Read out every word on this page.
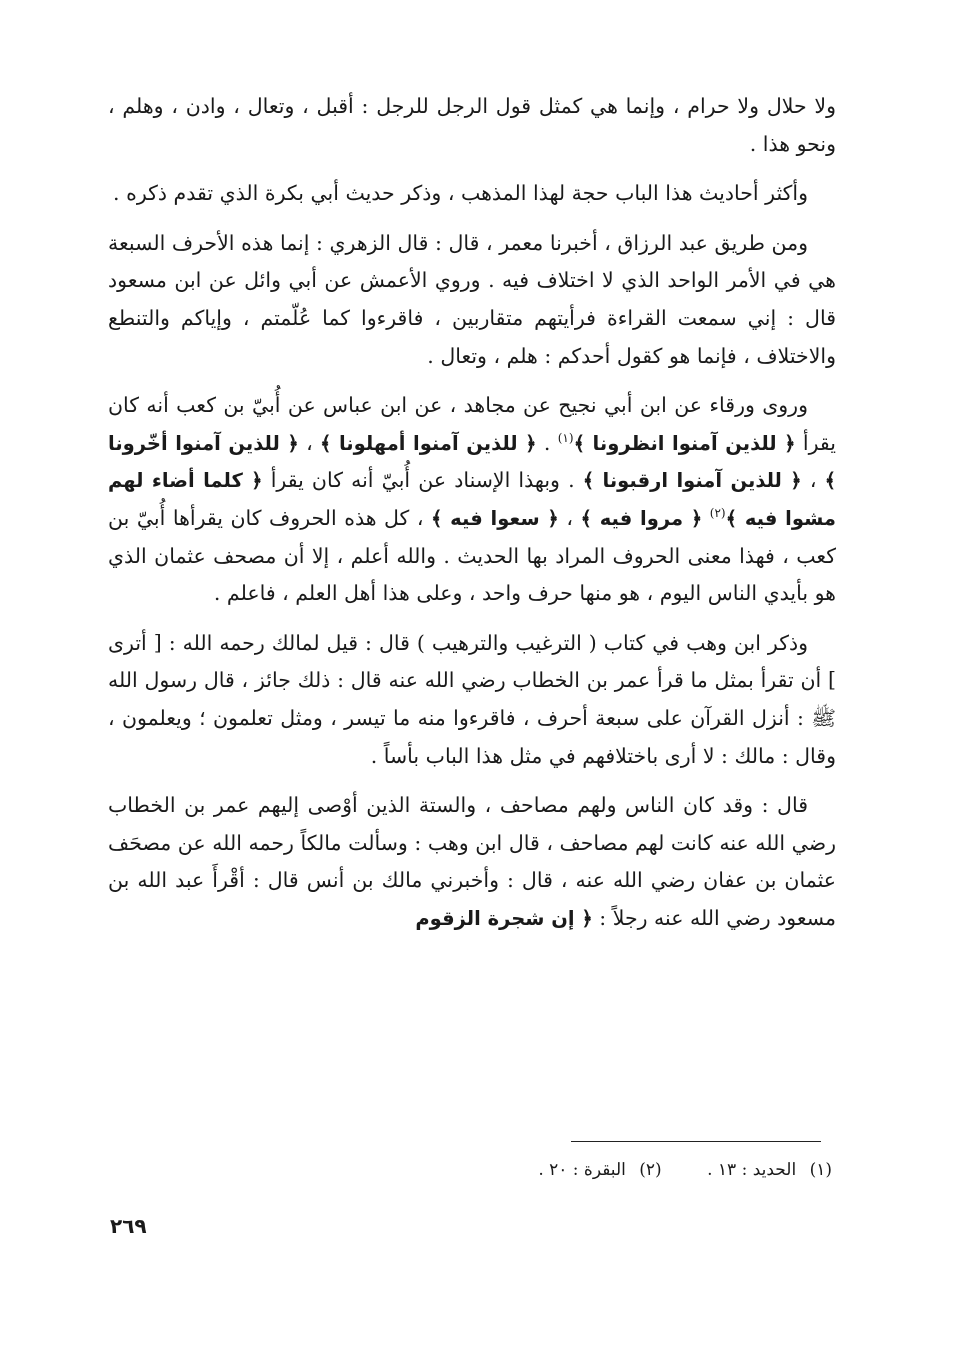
ولا حلال ولا حرام ، وإنما هي كمثل قول الرجل للرجل : أقبل ، وتعال ، وادن ، وهلم ، ونحو هذا .

وأكثر أحاديث هذا الباب حجة لهذا المذهب ، وذكر حديث أبي بكرة الذي تقدم ذكره .

ومن طريق عبد الرزاق ، أخبرنا معمر ، قال : قال الزهري : إنما هذه الأحرف السبعة هي في الأمر الواحد الذي لا اختلاف فيه . وروي الأعمش عن أبي وائل عن ابن مسعود قال : إني سمعت القراءة فرأيتهم متقاربين ، فاقرءوا كما عُلّمتم ، وإياكم والتنطع والاختلاف ، فإنما هو كقول أحدكم : هلم ، وتعال .

وروى ورقاء عن ابن أبي نجيح عن مجاهد ، عن ابن عباس عن أُبيّ بن كعب أنه كان يقرأ ﴿ للذين آمنوا انظرونا ﴾$^{(١)}$ . ﴿ للذين آمنوا أمهلونا ﴾ ، ﴿ للذين آمنوا أخّرونا ﴾ ، ﴿ للذين آمنوا ارقبونا ﴾ . وبهذا الإسناد عن أُبيّ أنه كان يقرأ ﴿ كلما أضاء لهم مشوا فيه ﴾$^{(٢)}$ ﴿ مروا فيه ﴾ ، ﴿ سعوا فيه ﴾ ، كل هذه الحروف كان يقرأها أُبيّ بن كعب ، فهذا معنى الحروف المراد بها الحديث . والله أعلم ، إلا أن مصحف عثمان الذي هو بأيدي الناس اليوم ، هو منها حرف واحد ، وعلى هذا أهل العلم ، فاعلم .

وذكر ابن وهب في كتاب ( الترغيب والترهيب ) قال : قيل لمالك رحمه الله : [ أترى ] أن تقرأ بمثل ما قرأ عمر بن الخطاب رضي الله عنه قال : ذلك جائز ، قال رسول الله ﷺ : أنزل القرآن على سبعة أحرف ، فاقرءوا منه ما تيسر ، ومثل تعلمون ؛ ويعلمون ، وقال : مالك : لا أرى باختلافهم في مثل هذا الباب بأساً .

قال : وقد كان الناس ولهم مصاحف ، والستة الذين أوْصى إليهم عمر بن الخطاب رضي الله عنه كانت لهم مصاحف ، قال ابن وهب : وسألت مالكاً رحمه الله عن مصحَف عثمان بن عفان رضي الله عنه ، قال : وأخبرني مالك بن أنس قال : أقْرأَ عبد الله بن مسعود رضي الله عنه رجلاً : ﴿ إن شجرة الزقوم

(١) الحديد : ١٣ . (٢) البقرة : ٢٠ .
٢٦٩
